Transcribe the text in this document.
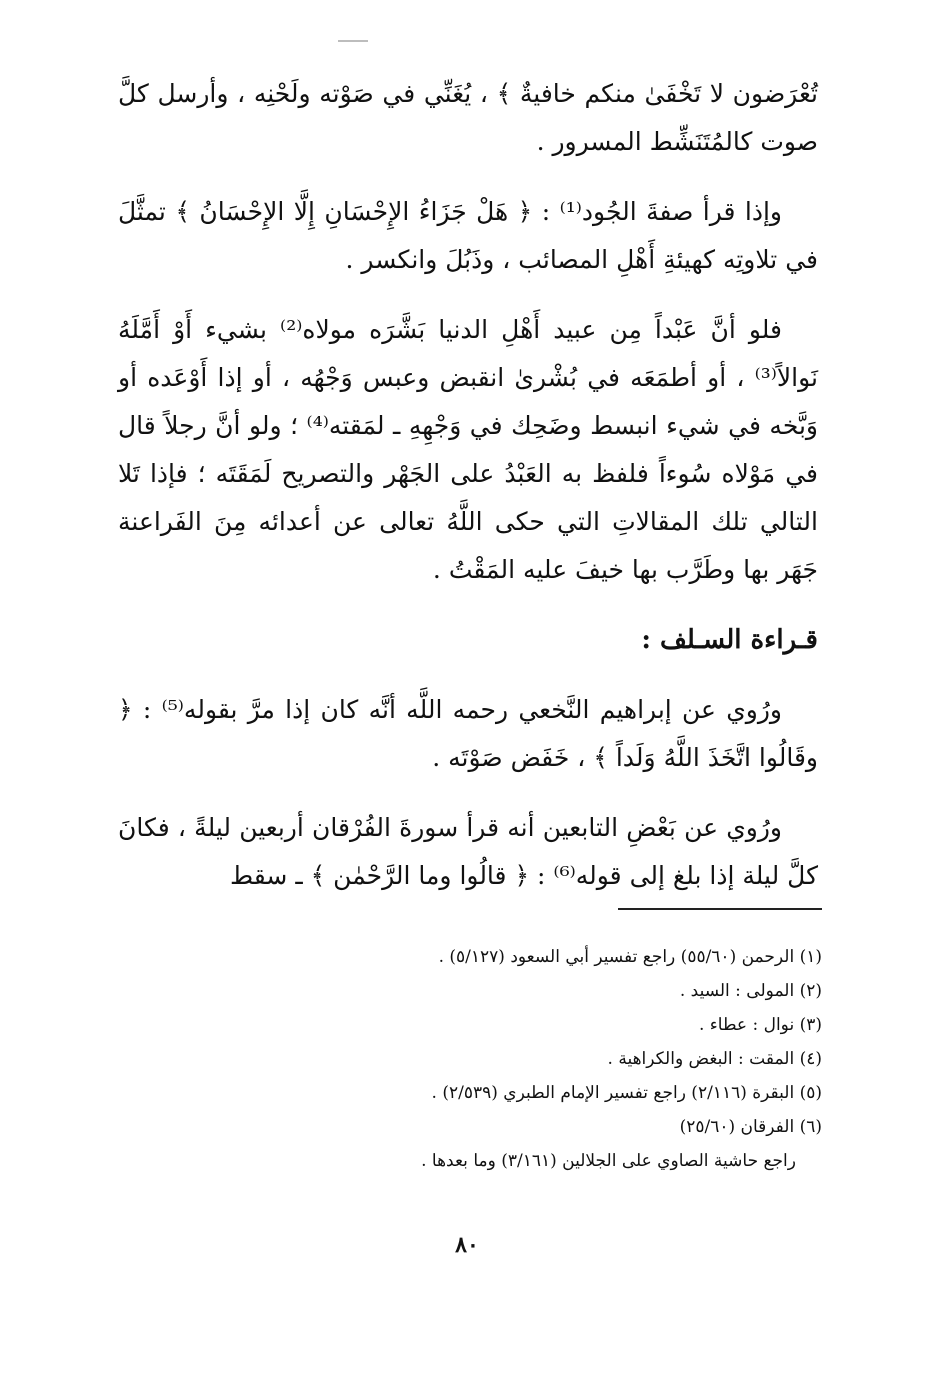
تُعْرَضون لا تَخْفَىٰ منكم خافيةٌ ﴾ ، يُغَنِّي في صَوْته ولَحْنِه ، وأرسل كلَّ صوت كالمُتَنَشِّط المسرور .

وإذا قرأ صفةَ الجُود⁽¹⁾ : ﴿ هَلْ جَزَاءُ الإِحْسَانِ إِلَّا الإِحْسَانُ ﴾ تمثَّلَ في تلاوتِه كهيئةِ أَهْلِ المصائب ، وذَبُلَ وانكسر .

فلو أنَّ عَبْداً مِن عبيد أَهْلِ الدنيا بَشَّرَه مولاه⁽²⁾ بشيء أَوْ أَمَّلَهُ نَوالاً⁽³⁾ ، أو أطمَعَه في بُشْرىٰ انقبض وعبس وَجْهُه ، أو إذا أَوْعَده أو وَبَّخه في شيء انبسط وضَحِك في وَجْهِهِ ـ لمَقته⁽⁴⁾ ؛ ولو أنَّ رجلاً قال في مَوْلاه سُوءاً فلفظ به العَبْدُ على الجَهْر والتصريح لَمَقَتَه ؛ فإذا تَلا التالي تلك المقالاتِ التي حكى اللَّهُ تعالى عن أعدائه مِنَ الفَراعنة جَهَر بها وطَرَّب بها خيفَ عليه المَقْتُ .

قـراءة السـلف :

ورُوي عن إبراهيم النَّخعي رحمه اللَّه أنَّه كان إذا مرَّ بقوله⁽⁵⁾ : ﴿ وقَالُوا اتَّخَذَ اللَّهُ وَلَداً ﴾ ، خَفَض صَوْتَه .

ورُوي عن بَعْضِ التابعين أنه قرأ سورةَ الفُرْقان أربعين ليلةً ، فكانَ كلَّ ليلة إذا بلغ إلى قوله⁽⁶⁾ : ﴿ قالُوا وما الرَّحْمٰن ﴾ ـ سقط

(١) الرحمن (٥٥/٦٠) راجع تفسير أبي السعود (٥/١٢٧) .
(٢) المولى : السيد .
(٣) نوال : عطاء .
(٤) المقت : البغض والكراهية .
(٥) البقرة (٢/١١٦) راجع تفسير الإمام الطبري (٢/٥٣٩) .
(٦) الفرقان (٢٥/٦٠)
راجع حاشية الصاوي على الجلالين (٣/١٦١) وما بعدها .
٨٠
